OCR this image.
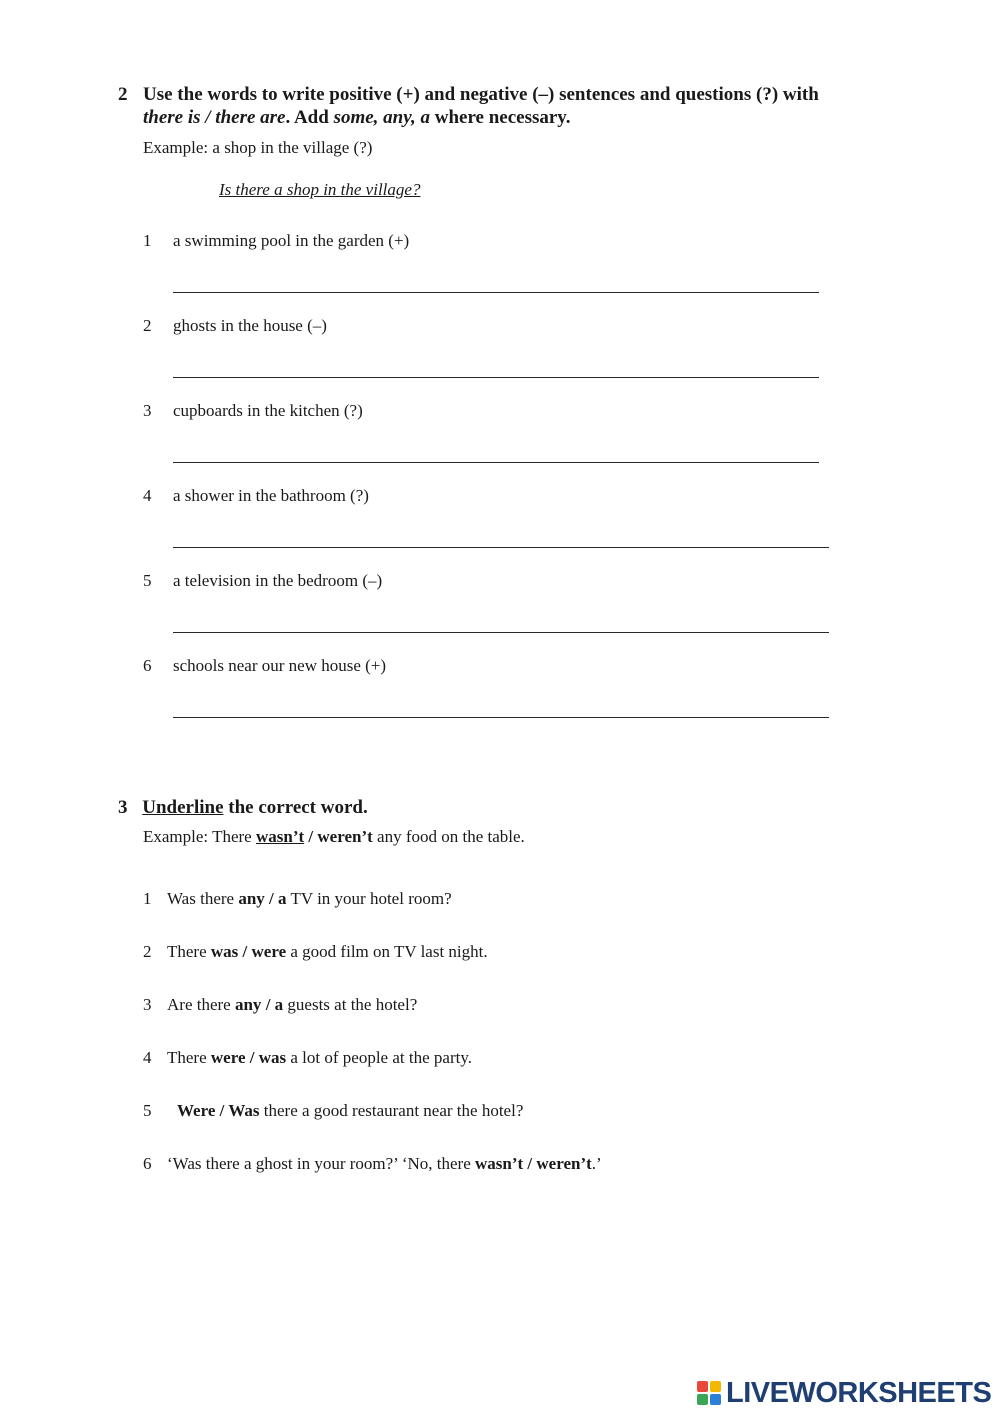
2 Use the words to write positive (+) and negative (–) sentences and questions (?) with
there is / there are. Add some, any, a where necessary.
Example: a shop in the village (?)
Is there a shop in the village?
1 a swimming pool in the garden (+)
2 ghosts in the house (–)
3 cupboards in the kitchen (?)
4 a shower in the bathroom (?)
5 a television in the bedroom (–)
6 schools near our new house (+)
3 Underline the correct word.
Example: There wasn’t / weren’t any food on the table.
1 Was there any / a TV in your hotel room?
2 There was / were a good film on TV last night.
3 Are there any / a guests at the hotel?
4 There were / was a lot of people at the party.
5 Were / Was there a good restaurant near the hotel?
6 ‘Was there a ghost in your room?’ ‘No, there wasn’t / weren’t.’
LIVEWORKSHEETS
